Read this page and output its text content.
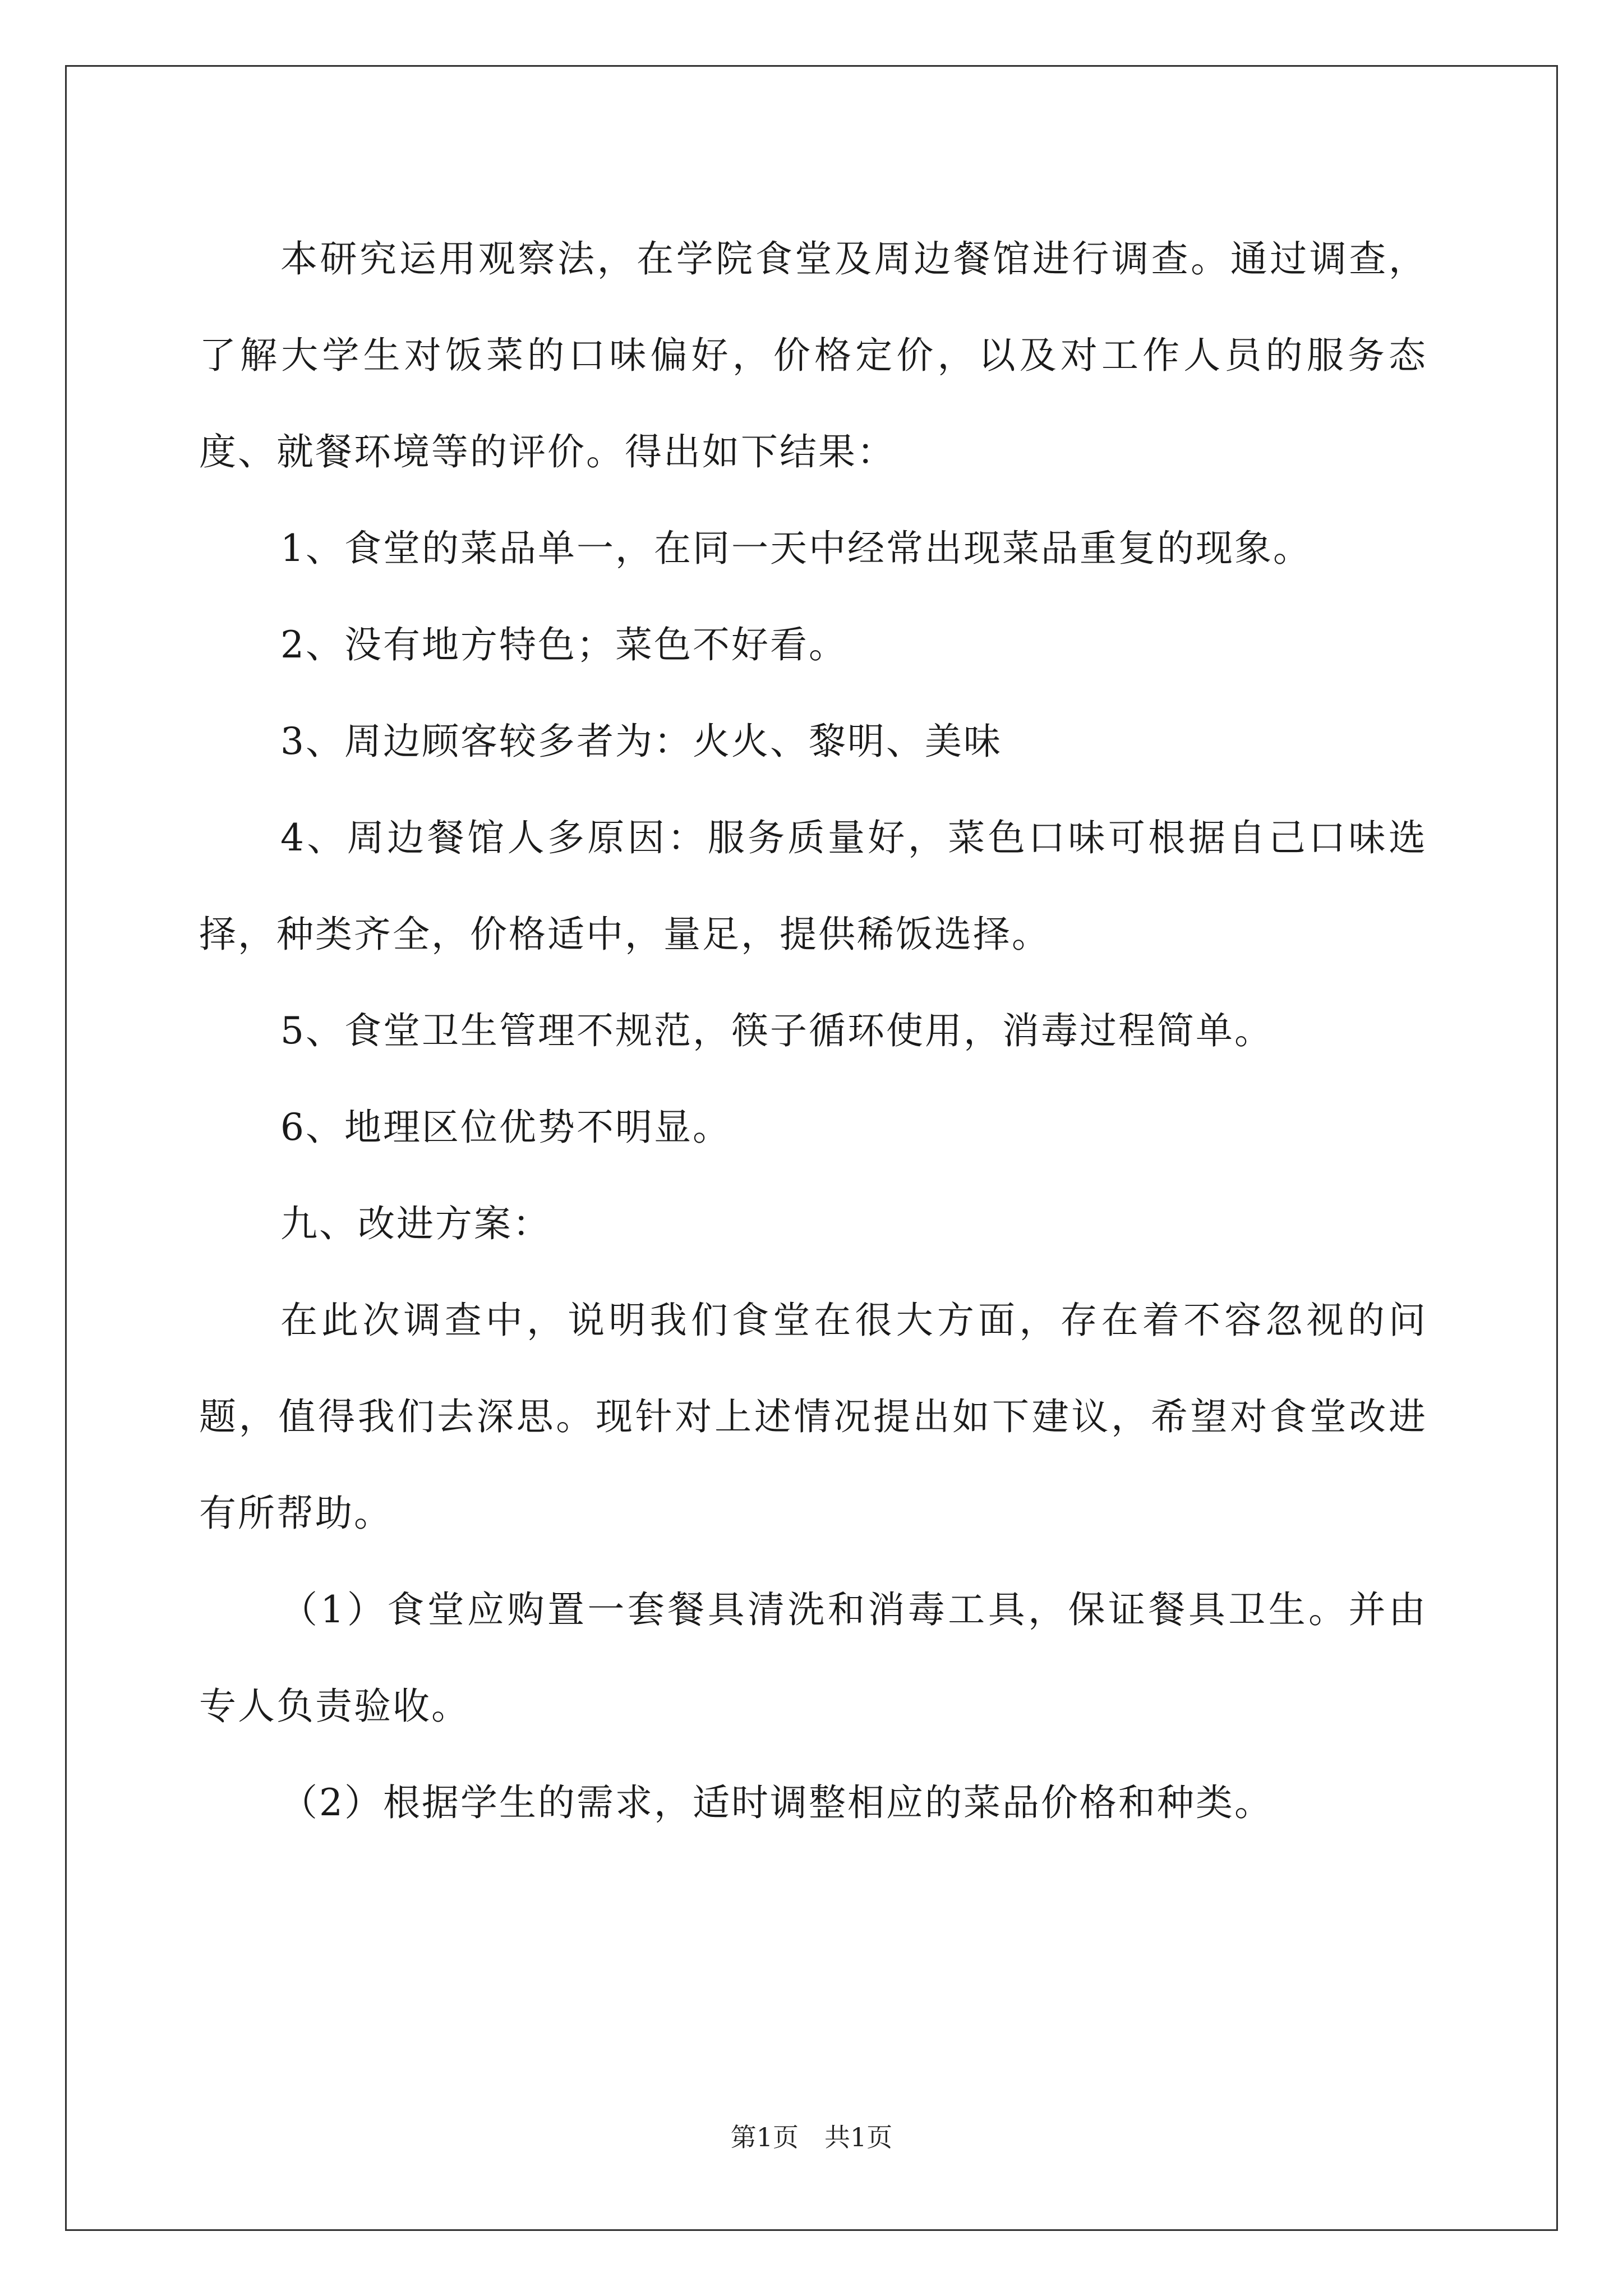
本研究运用观察法，在学院食堂及周边餐馆进行调查。通过调查，了解大学生对饭菜的口味偏好，价格定价，以及对工作人员的服务态度、就餐环境等的评价。得出如下结果：

1、食堂的菜品单一，在同一天中经常出现菜品重复的现象。

2、没有地方特色；菜色不好看。

3、周边顾客较多者为：火火、黎明、美味

4、周边餐馆人多原因：服务质量好，菜色口味可根据自己口味选择，种类齐全，价格适中，量足，提供稀饭选择。

5、食堂卫生管理不规范，筷子循环使用，消毒过程简单。

6、地理区位优势不明显。

九、改进方案：

在此次调查中，说明我们食堂在很大方面，存在着不容忽视的问题，值得我们去深思。现针对上述情况提出如下建议，希望对食堂改进有所帮助。

（1）食堂应购置一套餐具清洗和消毒工具，保证餐具卫生。并由专人负责验收。

（2）根据学生的需求，适时调整相应的菜品价格和种类。

第1页 共1页
